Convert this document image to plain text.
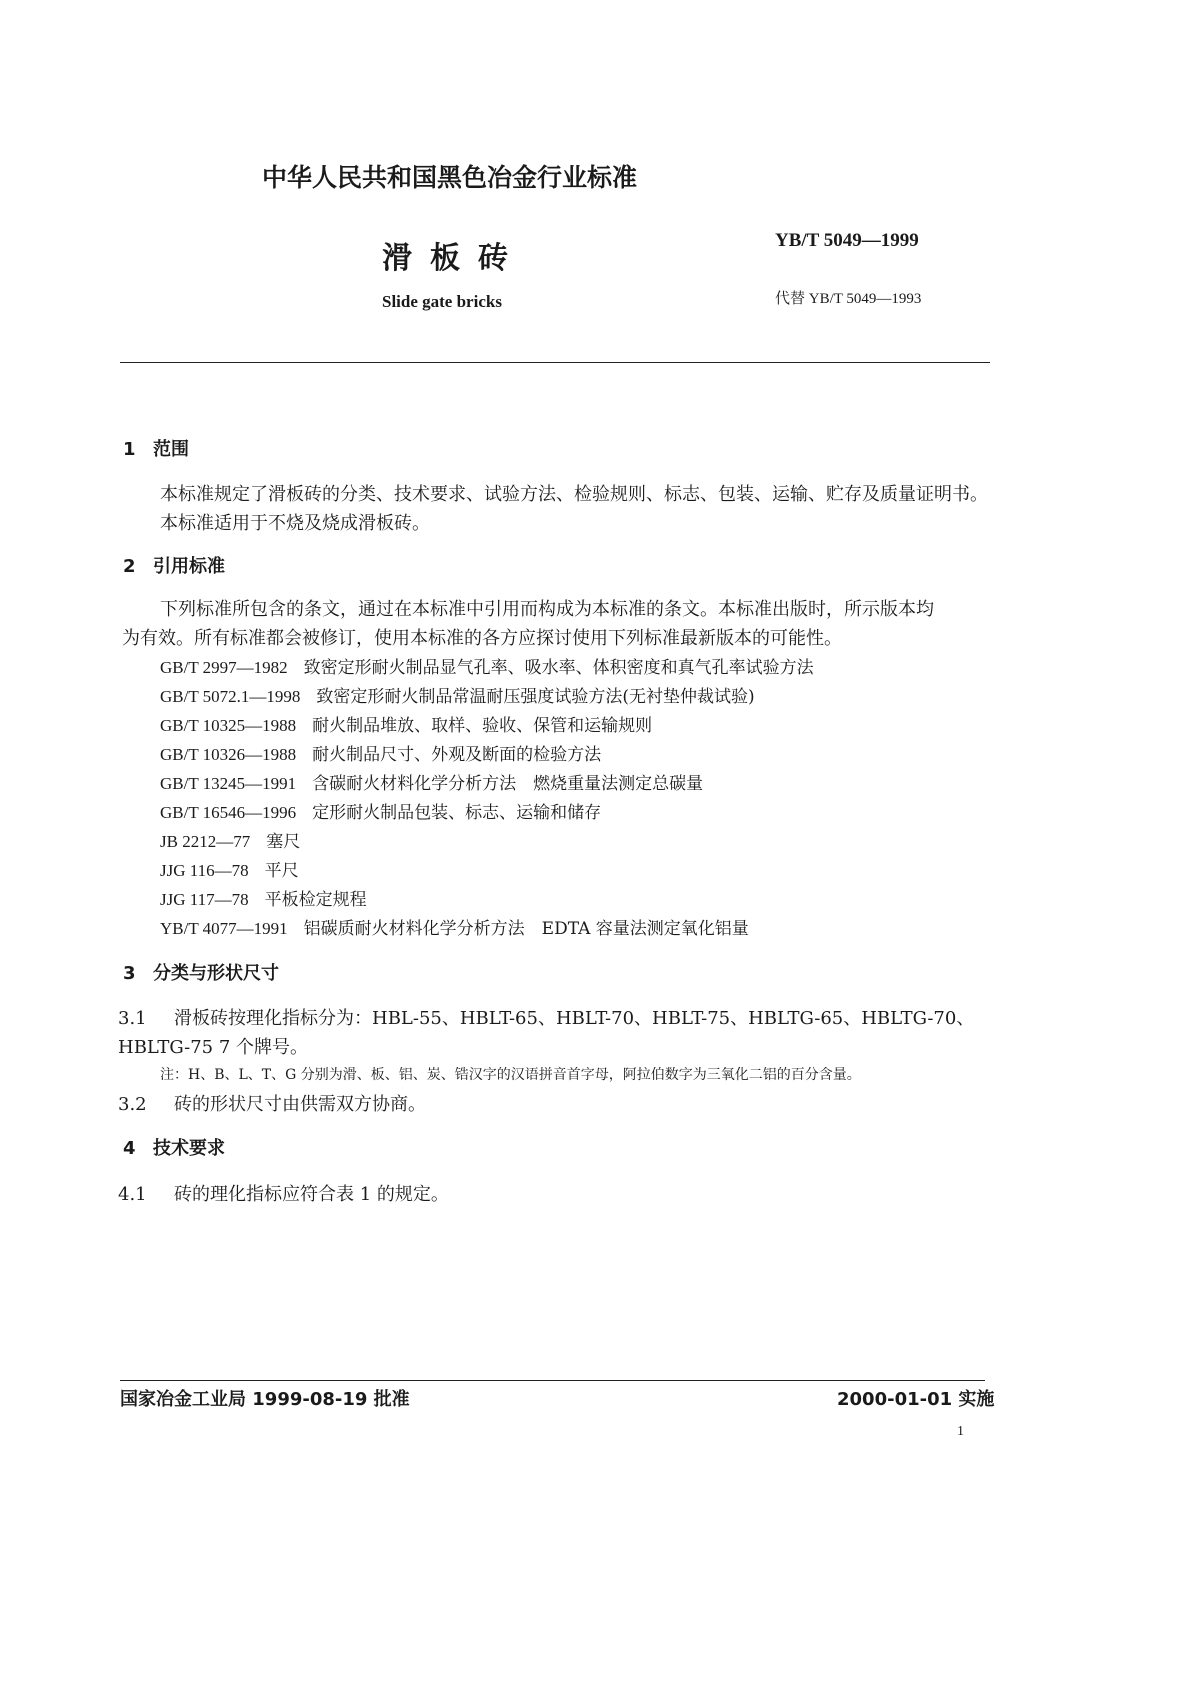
中华人民共和国黑色冶金行业标准
滑板砖
Slide gate bricks
YB/T 5049—1999
代替 YB/T 5049—1993
1 范围
本标准规定了滑板砖的分类、技术要求、试验方法、检验规则、标志、包装、运输、贮存及质量证明书。
本标准适用于不烧及烧成滑板砖。
2 引用标准
下列标准所包含的条文，通过在本标准中引用而构成为本标准的条文。本标准出版时，所示版本均
为有效。所有标准都会被修订，使用本标准的各方应探讨使用下列标准最新版本的可能性。
GB/T 2997—1982 致密定形耐火制品显气孔率、吸水率、体积密度和真气孔率试验方法
GB/T 5072.1—1998 致密定形耐火制品常温耐压强度试验方法(无衬垫仲裁试验)
GB/T 10325—1988 耐火制品堆放、取样、验收、保管和运输规则
GB/T 10326—1988 耐火制品尺寸、外观及断面的检验方法
GB/T 13245—1991 含碳耐火材料化学分析方法　燃烧重量法测定总碳量
GB/T 16546—1996 定形耐火制品包装、标志、运输和储存
JB 2212—77 塞尺
JJG 116—78 平尺
JJG 117—78 平板检定规程
YB/T 4077—1991 铝碳质耐火材料化学分析方法　EDTA 容量法测定氧化铝量
3 分类与形状尺寸
3.1 滑板砖按理化指标分为：HBL-55、HBLT-65、HBLT-70、HBLT-75、HBLTG-65、HBLTG-70、
HBLTG-75 7 个牌号。
注：H、B、L、T、G 分别为滑、板、铝、炭、锆汉字的汉语拼音首字母，阿拉伯数字为三氧化二铝的百分含量。
3.2 砖的形状尺寸由供需双方协商。
4 技术要求
4.1 砖的理化指标应符合表 1 的规定。
国家冶金工业局 1999-08-19 批准	2000-01-01 实施
1
